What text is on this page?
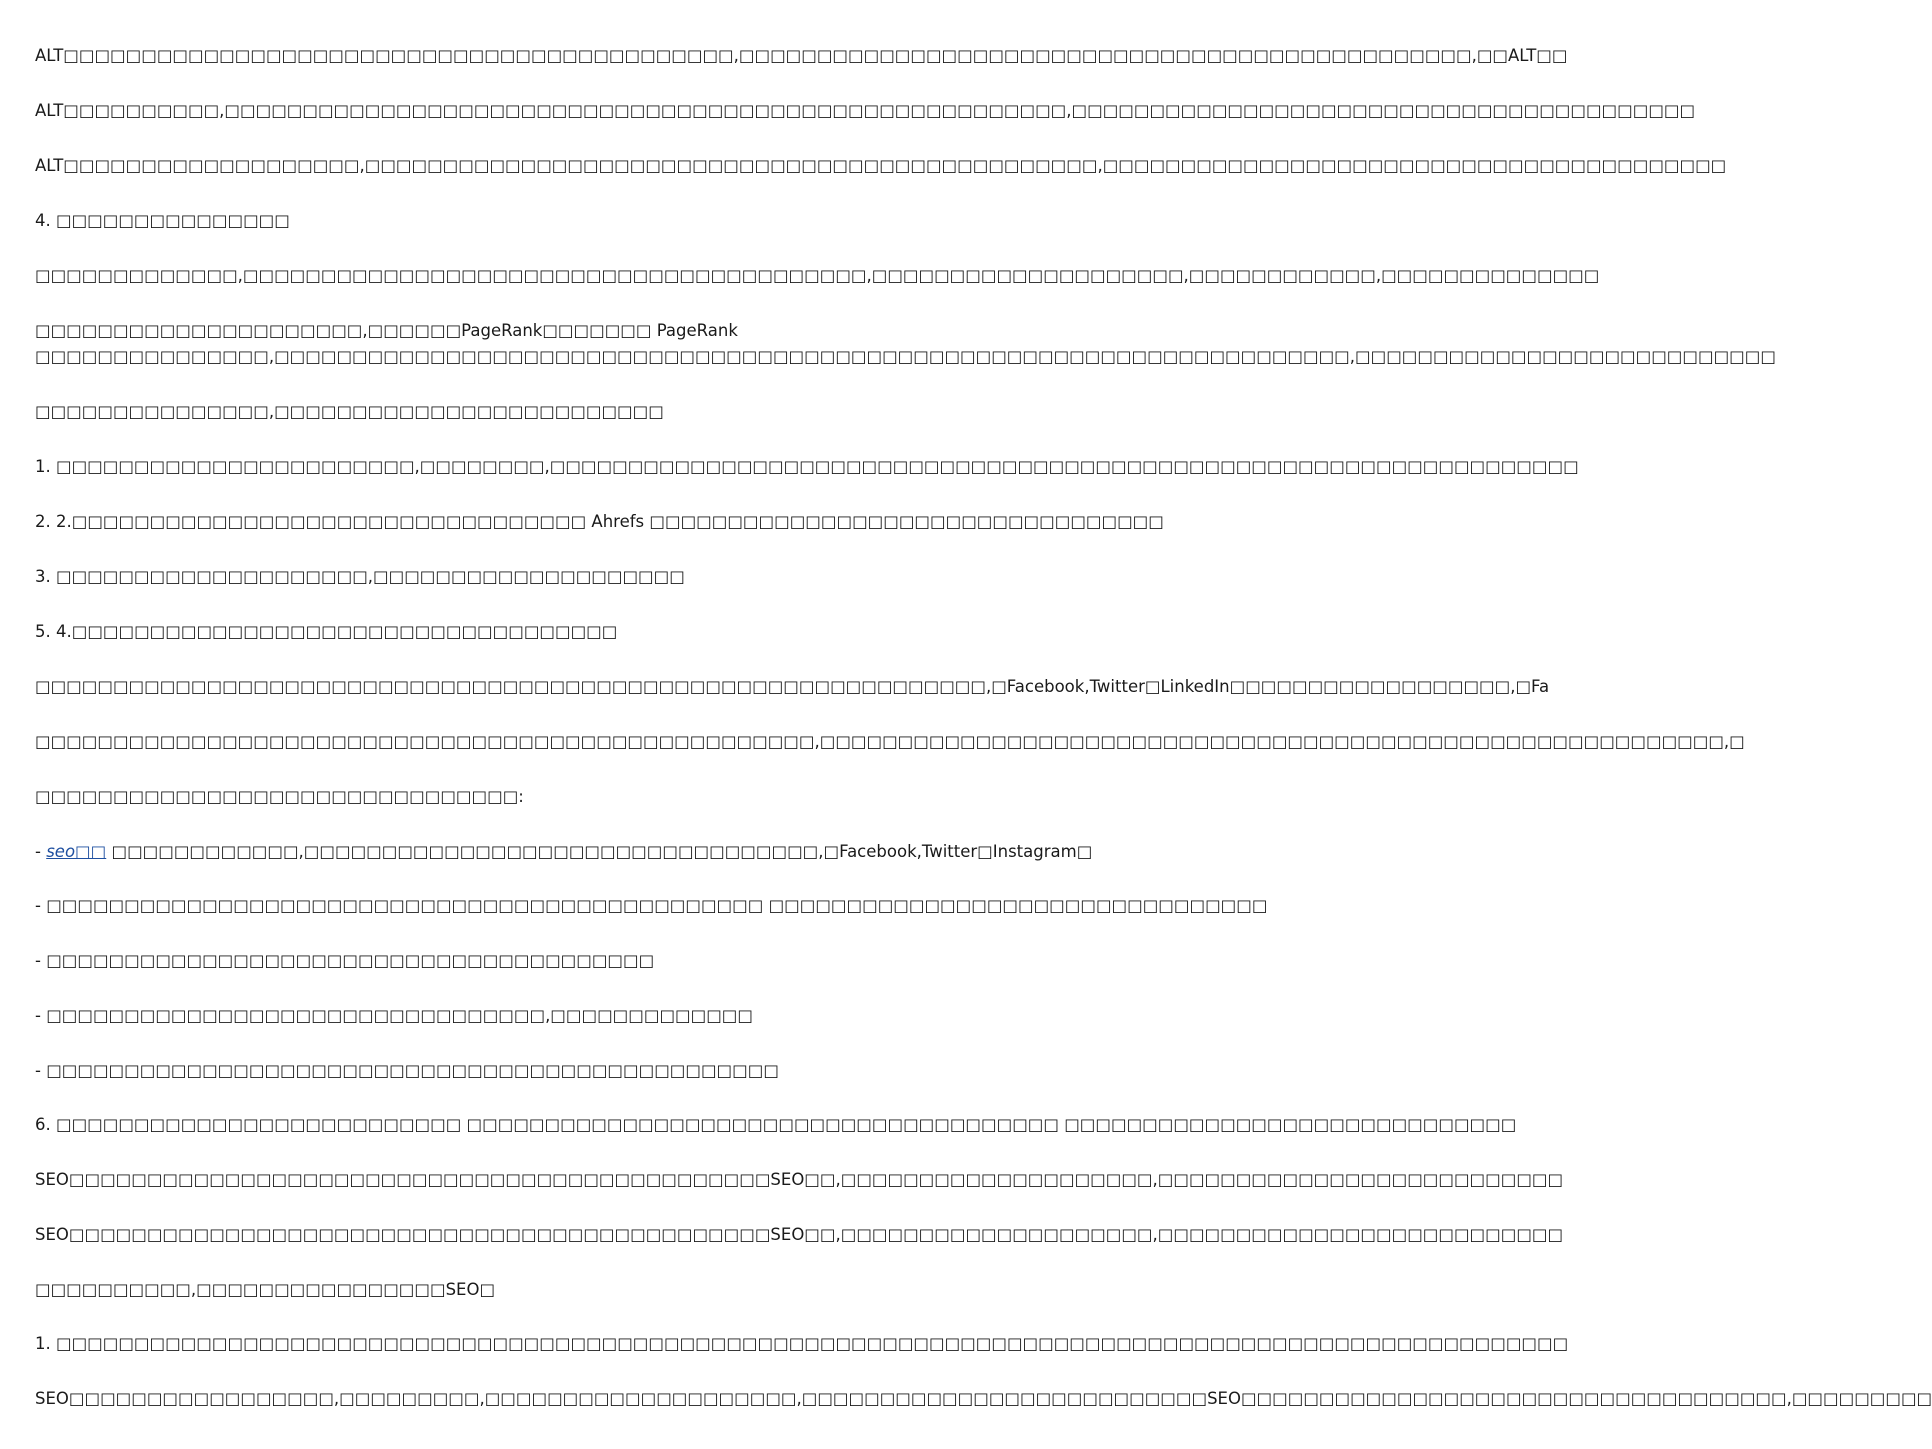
ALT□□□□□□□□□□□□□□□□□□□□□□□□□□□□□□□□□□□□□□□□□□□,□□□□□□□□□□□□□□□□□□□□□□□□□□□□□□□□□□□□□□□□□□□□□□□,□□ALT□□
ALT□□□□□□□□□□,□□□□□□□□□□□□□□□□□□□□□□□□□□□□□□□□□□□□□□□□□□□□□□□□□□□□□□,□□□□□□□□□□□□□□□□□□□□□□□□□□□□□□□□□□□□□□□□
ALT□□□□□□□□□□□□□□□□□□□,□□□□□□□□□□□□□□□□□□□□□□□□□□□□□□□□□□□□□□□□□□□□□□□,□□□□□□□□□□□□□□□□□□□□□□□□□□□□□□□□□□□□□□□□
4. □□□□□□□□□□□□□□□
□□□□□□□□□□□□□,□□□□□□□□□□□□□□□□□□□□□□□□□□□□□□□□□□□□□□□□,□□□□□□□□□□□□□□□□□□□□,□□□□□□□□□□□□,□□□□□□□□□□□□□□
□□□□□□□□□□□□□□□□□□□□□,□□□□□□PageRank□□□□□□□ PageRank
□□□□□□□□□□□□□□□,□□□□□□□□□□□□□□□□□□□□□□□□□□□□□□□□□□□□□□□□□□□□□□□□□□□□□□□□□□□□□□□□□□□□□,□□□□□□□□□□□□□□□□□□□□□□□□□□□
□□□□□□□□□□□□□□□,□□□□□□□□□□□□□□□□□□□□□□□□□
1. □□□□□□□□□□□□□□□□□□□□□□□,□□□□□□□□,□□□□□□□□□□□□□□□□□□□□□□□□□□□□□□□□□□□□□□□□□□□□□□□□□□□□□□□□□□□□□□□□□□
2. 2.□□□□□□□□□□□□□□□□□□□□□□□□□□□□□□□□□ Ahrefs □□□□□□□□□□□□□□□□□□□□□□□□□□□□□□□□□
3. □□□□□□□□□□□□□□□□□□□□,□□□□□□□□□□□□□□□□□□□□
5. 4.□□□□□□□□□□□□□□□□□□□□□□□□□□□□□□□□□□□
□□□□□□□□□□□□□□□□□□□□□□□□□□□□□□□□□□□□□□□□□□□□□□□□□□□□□□□□□□□□□,□Facebook,Twitter□LinkedIn□□□□□□□□□□□□□□□□□□,□Fa
□□□□□□□□□□□□□□□□□□□□□□□□□□□□□□□□□□□□□□□□□□□□□□□□□□,□□□□□□□□□□□□□□□□□□□□□□□□□□□□□□□□□□□□□□□□□□□□□□□□□□□□□□□□□□,□
□□□□□□□□□□□□□□□□□□□□□□□□□□□□□□□:
- seo□□ □□□□□□□□□□□□,□□□□□□□□□□□□□□□□□□□□□□□□□□□□□□□□□,□Facebook,Twitter□Instagram□
- □□□□□□□□□□□□□□□□□□□□□□□□□□□□□□□□□□□□□□□□□□□□□□ □□□□□□□□□□□□□□□□□□□□□□□□□□□□□□□□
- □□□□□□□□□□□□□□□□□□□□□□□□□□□□□□□□□□□□□□□
- □□□□□□□□□□□□□□□□□□□□□□□□□□□□□□□□,□□□□□□□□□□□□□
- □□□□□□□□□□□□□□□□□□□□□□□□□□□□□□□□□□□□□□□□□□□□□□□
6. □□□□□□□□□□□□□□□□□□□□□□□□□□ □□□□□□□□□□□□□□□□□□□□□□□□□□□□□□□□□□□□□□ □□□□□□□□□□□□□□□□□□□□□□□□□□□□□
SEO□□□□□□□□□□□□□□□□□□□□□□□□□□□□□□□□□□□□□□□□□□□□□SEO□□,□□□□□□□□□□□□□□□□□□□□,□□□□□□□□□□□□□□□□□□□□□□□□□□
SEO□□□□□□□□□□□□□□□□□□□□□□□□□□□□□□□□□□□□□□□□□□□□□SEO□□,□□□□□□□□□□□□□□□□□□□□,□□□□□□□□□□□□□□□□□□□□□□□□□□
□□□□□□□□□□,□□□□□□□□□□□□□□□□SEO□
1. □□□□□□□□□□□□□□□□□□□□□□□□□□□□□□□□□□□□□□□□□□□□□□□□□□□□□□□□□□□□□□□□□□□□□□□□□□□□□□□□□□□□□□□□□□□□□□□□□
SEO□□□□□□□□□□□□□□□□□,□□□□□□□□□,□□□□□□□□□□□□□□□□□□□□,□□□□□□□□□□□□□□□□□□□□□□□□□□SEO□□□□□□□□□□□□□□□□□□□□□□□□□□□□□□□□□□□,□□□□□□□□□
